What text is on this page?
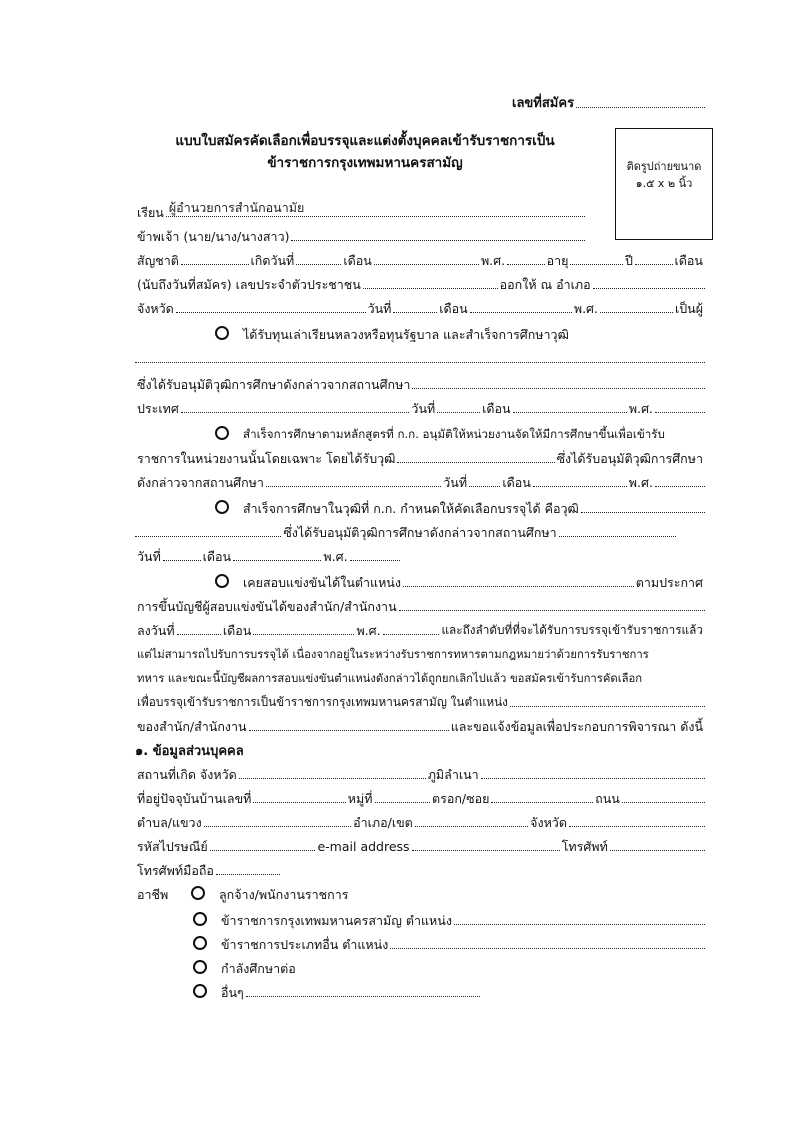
เลขที่สมัคร
แบบใบสมัครคัดเลือกเพื่อบรรจุและแต่งตั้งบุคคลเข้ารับราชการเป็น
ข้าราชการกรุงเทพมหานครสามัญ	ติดรูปถ่ายขนาด
๑.๕ x ๒ นิ้ว
เรียน ผู้อำนวยการสำนักอนามัย
ข้าพเจ้า (นาย/นาง/นางสาว)
สัญชาติ	เกิดวันที่	เดือน	พ.ศ.	อายุ	ปี	เดือน
(นับถึงวันที่สมัคร) เลขประจำตัวประชาชน	ออกให้ ณ อำเภอ
จังหวัด	วันที่	เดือน	พ.ศ.	เป็นผู้
ได้รับทุนเล่าเรียนหลวงหรือทุนรัฐบาล และสำเร็จการศึกษาวุฒิ
ซึ่งได้รับอนุมัติวุฒิการศึกษาดังกล่าวจากสถานศึกษา
ประเทศ	วันที่	เดือน	พ.ศ.
สำเร็จการศึกษาตามหลักสูตรที่ ก.ก. อนุมัติให้หน่วยงานจัดให้มีการศึกษาขึ้นเพื่อเข้ารับ
ราชการในหน่วยงานนั้นโดยเฉพาะ โดยได้รับวุฒิ	ซึ่งได้รับอนุมัติวุฒิการศึกษา
ดังกล่าวจากสถานศึกษา	วันที่	เดือน	พ.ศ.
สำเร็จการศึกษาในวุฒิที่ ก.ก. กำหนดให้คัดเลือกบรรจุได้ คือวุฒิ
ซึ่งได้รับอนุมัติวุฒิการศึกษาดังกล่าวจากสถานศึกษา
วันที่	เดือน	พ.ศ.
เคยสอบแข่งขันได้ในตำแหน่ง	ตามประกาศ
การขึ้นบัญชีผู้สอบแข่งขันได้ของสำนัก/สำนักงาน
ลงวันที่	เดือน	พ.ศ.	และถึงลำดับที่ที่จะได้รับการบรรจุเข้ารับราชการแล้ว
แต่ไม่สามารถไปรับการบรรจุได้ เนื่องจากอยู่ในระหว่างรับราชการทหารตามกฎหมายว่าด้วยการรับราชการ
ทหาร และขณะนี้บัญชีผลการสอบแข่งขันตำแหน่งดังกล่าวได้ถูกยกเลิกไปแล้ว ขอสมัครเข้ารับการคัดเลือก
เพื่อบรรจุเข้ารับราชการเป็นข้าราชการกรุงเทพมหานครสามัญ ในตำแหน่ง
ของสำนัก/สำนักงาน	และขอแจ้งข้อมูลเพื่อประกอบการพิจารณา ดังนี้
๑. ข้อมูลส่วนบุคคล
สถานที่เกิด จังหวัด	ภูมิลำเนา
ที่อยู่ปัจจุบันบ้านเลขที่	หมู่ที่	ตรอก/ซอย	ถนน
ตำบล/แขวง	อำเภอ/เขต	จังหวัด
รหัสไปรษณีย์	e-mail address	โทรศัพท์
โทรศัพท์มือถือ
อาชีพ	ลูกจ้าง/พนักงานราชการ
ข้าราชการกรุงเทพมหานครสามัญ ตำแหน่ง
ข้าราชการประเภทอื่น ตำแหน่ง
กำลังศึกษาต่อ
อื่นๆ
